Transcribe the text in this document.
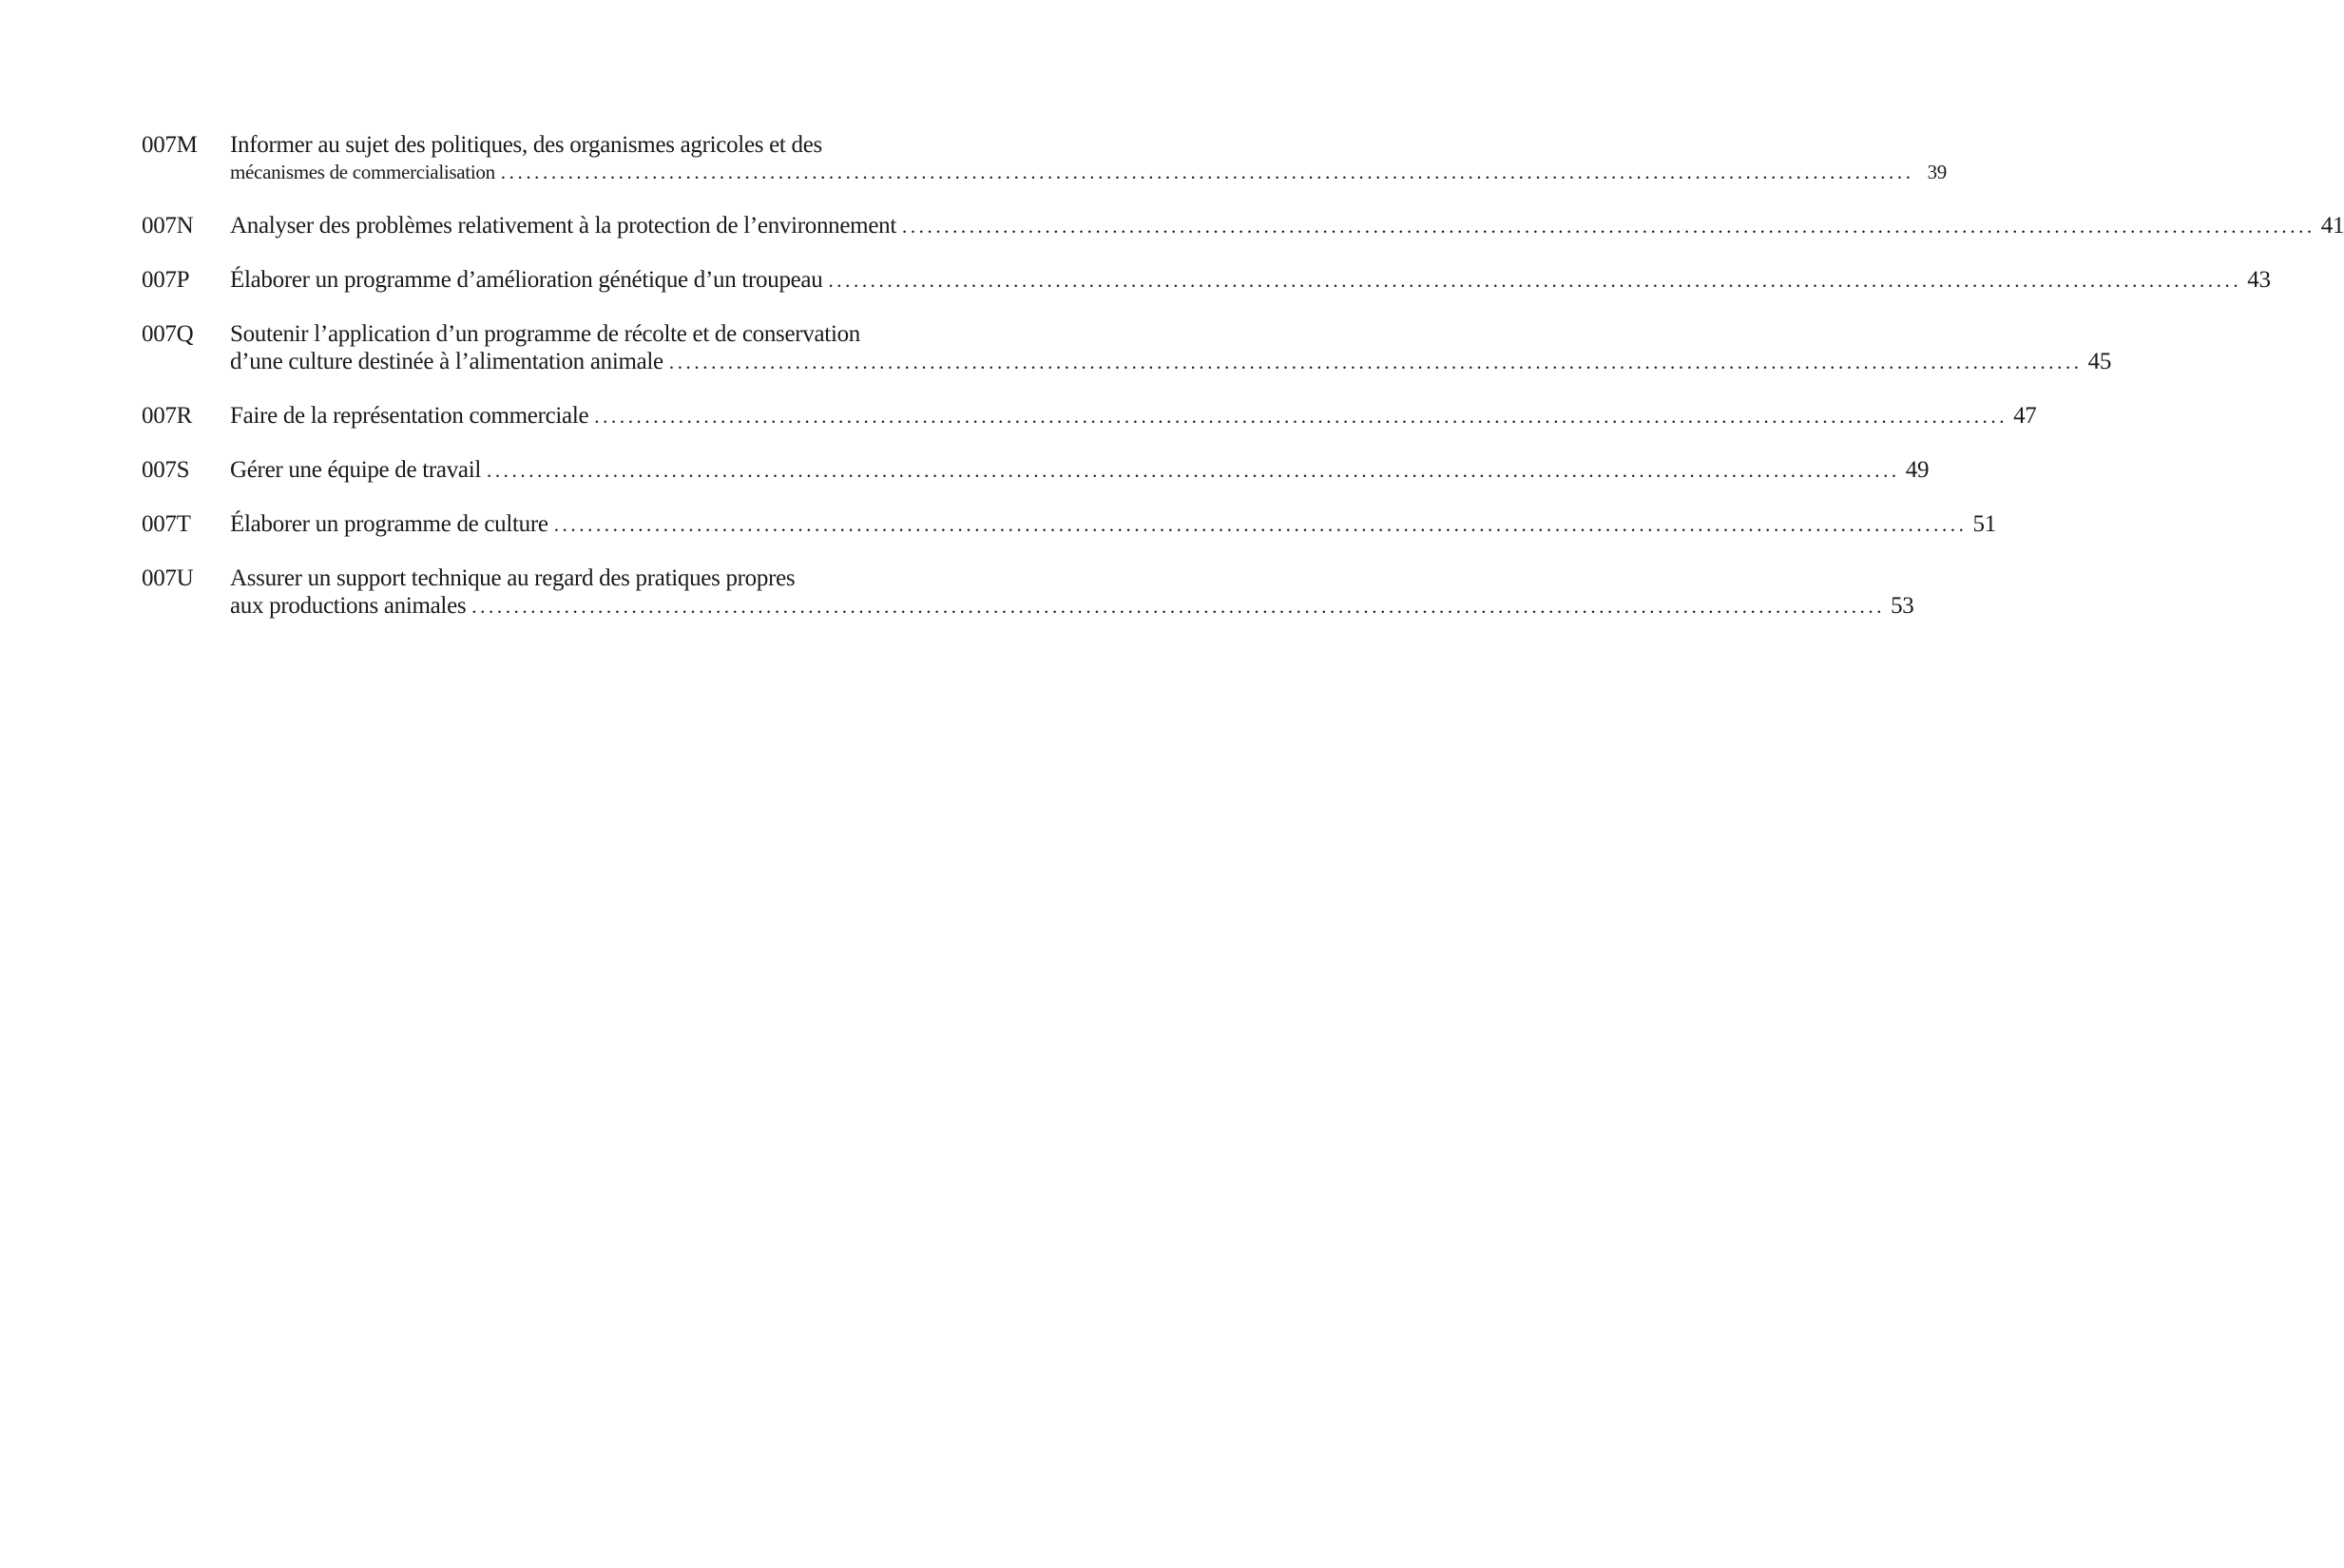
007M	Informer au sujet des politiques, des organismes agricoles et des
mécanismes de commercialisation ........................................................................................................................................................................ 39
007N	Analyser des problèmes relativement à la protection de l’environnement ........................................................................................................................................................................ 41
007P	Élaborer un programme d’amélioration génétique d’un troupeau ........................................................................................................................................................................ 43
007Q	Soutenir l’application d’un programme de récolte et de conservation
d’une culture destinée à l’alimentation animale ........................................................................................................................................................................ 45
007R	Faire de la représentation commerciale ........................................................................................................................................................................ 47
007S	Gérer une équipe de travail ........................................................................................................................................................................ 49
007T	Élaborer un programme de culture ........................................................................................................................................................................ 51
007U	Assurer un support technique au regard des pratiques propres
aux productions animales ........................................................................................................................................................................ 53
